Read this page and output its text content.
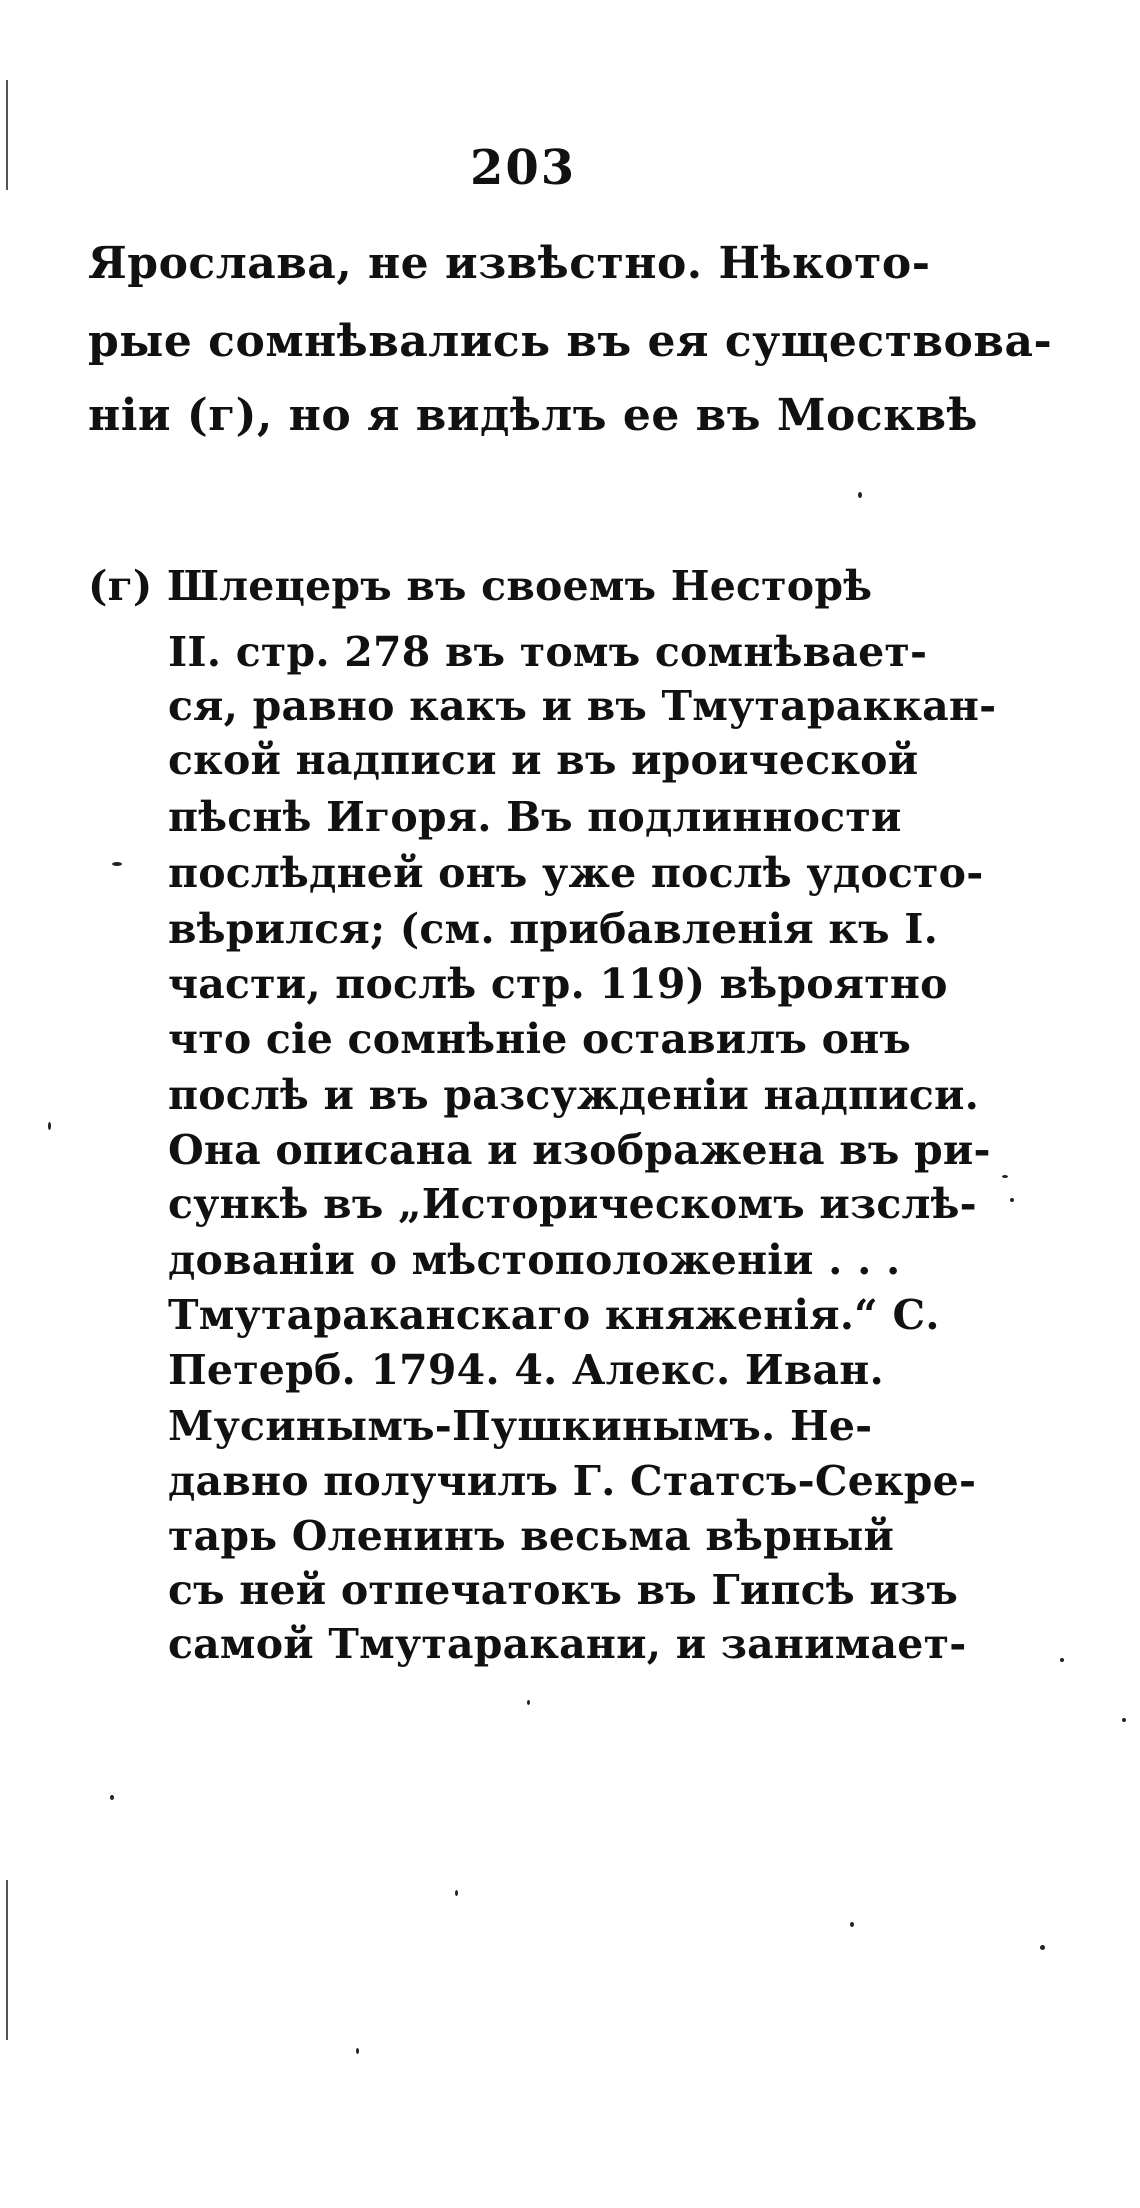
203
Ярослава, не извѣстно. Нѣкото-
рые сомнѣвались въ ея существова-
нiи (г), но я видѣлъ ее въ Москвѣ
(г) Шлецеръ въ своемъ Несторѣ
II. стр. 278 въ томъ сомнѣвает-
ся, равно какъ и въ Тмутараккан-
ской надписи и въ ироической
пѣснѣ Игоря. Въ подлинности
послѣдней онъ уже послѣ удосто-
вѣрился; (см. прибавленiя къ I.
части, послѣ стр. 119) вѣроятно
что сiе сомнѣнiе оставилъ онъ
послѣ и въ разсужденiи надписи.
Она описана и изображена въ ри-
сункѣ въ „Историческомъ изслѣ-
дованiи о мѣстоположенiи . . .
Тмутараканскаго княженiя.“ С.
Петерб. 1794. 4. Алекс. Иван.
Мусинымъ-Пушкинымъ. Не-
давно получилъ Г. Статсъ-Секре-
тарь Оленинъ весьма вѣрный
съ ней отпечатокъ въ Гипсѣ изъ
самой Тмутаракани, и занимает-
